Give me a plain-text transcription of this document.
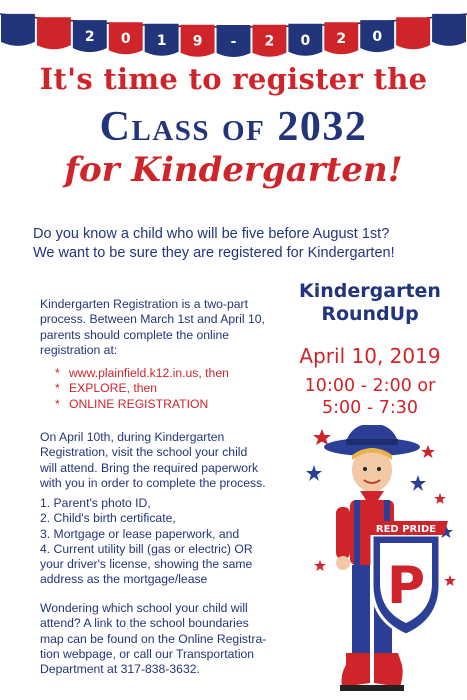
2 0 1 9 - 2 0 2 0
It's time to register the
Class of 2032
for Kindergarten!
Do you know a child who will be five before August 1st?
We want to be sure they are registered for Kindergarten!
Kindergarten Registration is a two-part
process. Between March 1st and April 10,
parents should complete the online
registration at:
* www.plainfield.k12.in.us, then
* EXPLORE, then
* ONLINE REGISTRATION
On April 10th, during Kindergarten
Registration, visit the school your child
will attend. Bring the required paperwork
with you in order to complete the process.
1. Parent's photo ID,
2. Child's birth certificate,
3. Mortgage or lease paperwork, and
4. Current utility bill (gas or electric) OR
your driver's license, showing the same
address as the mortgage/lease
Wondering which school your child will
attend? A link to the school boundaries
map can be found on the Online Registra-
tion webpage, or call our Transportation
Department at 317-838-3632.
Kindergarten
RoundUp
April 10, 2019
10:00 - 2:00 or
5:00 - 7:30
P
RED PRIDE
